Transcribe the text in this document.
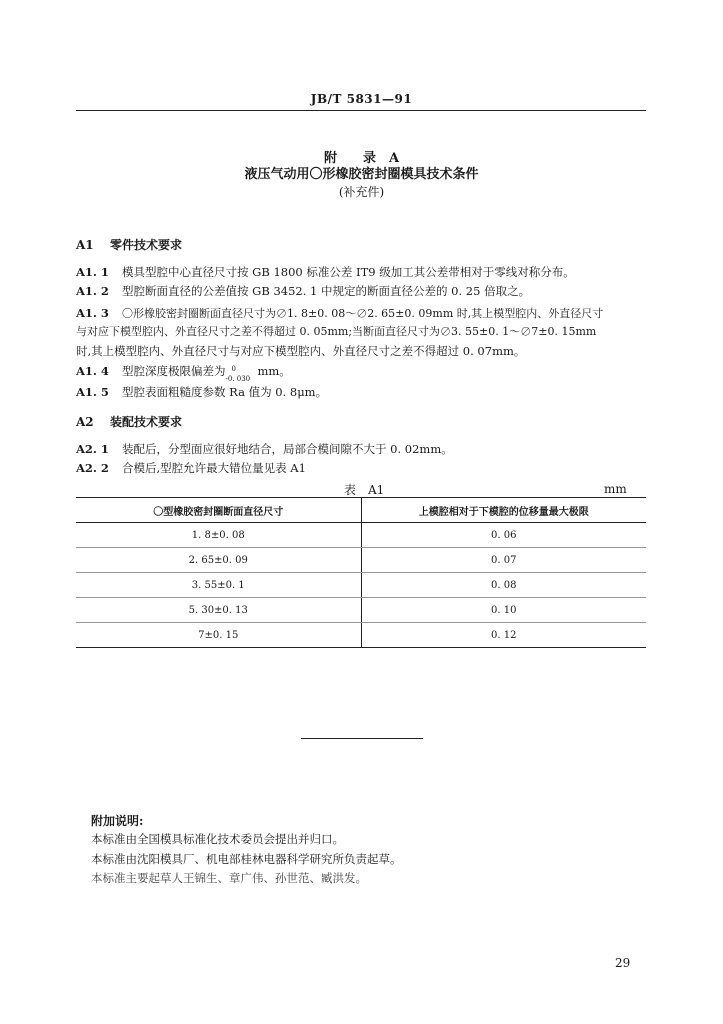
JB/T 5831—91
附　　录　A
液压气动用〇形橡胶密封圈模具技术条件
(补充件)
A1 零件技术要求
A1. 1 模具型腔中心直径尺寸按 GB 1800 标准公差 IT9 级加工其公差带相对于零线对称分布。
A1. 2 型腔断面直径的公差值按 GB 3452. 1 中规定的断面直径公差的 0. 25 倍取之。
A1. 3 〇形橡胶密封圈断面直径尺寸为∅1. 8±0. 08～∅2. 65±0. 09mm 时,其上模型腔内、外直径尺寸
与对应下模型腔内、外直径尺寸之差不得超过 0. 05mm;当断面直径尺寸为∅3. 55±0. 1～∅7±0. 15mm
时,其上模型腔内、外直径尺寸与对应下模型腔内、外直径尺寸之差不得超过 0. 07mm。
A1. 4 型腔深度极限偏差为 0
-0. 030
mm。
A1. 5 型腔表面粗糙度参数 Ra 值为 0. 8μm。
A2 装配技术要求
A2. 1 装配后，分型面应很好地结合，局部合模间隙不大于 0. 02mm。
A2. 2 合模后,型腔允许最大错位量见表 A1
表　A1	mm
〇型橡胶密封圈断面直径尺寸	上模腔相对于下模腔的位移量最大极限
1. 8±0. 08	0. 06
2. 65±0. 09	0. 07
3. 55±0. 1	0. 08
5. 30±0. 13	0. 10
7±0. 15	0. 12
附加说明:
本标准由全国模具标准化技术委员会提出并归口。
本标准由沈阳模具厂、机电部桂林电器科学研究所负责起草。
本标准主要起草人王锦生、章广伟、孙世范、臧洪发。
29
